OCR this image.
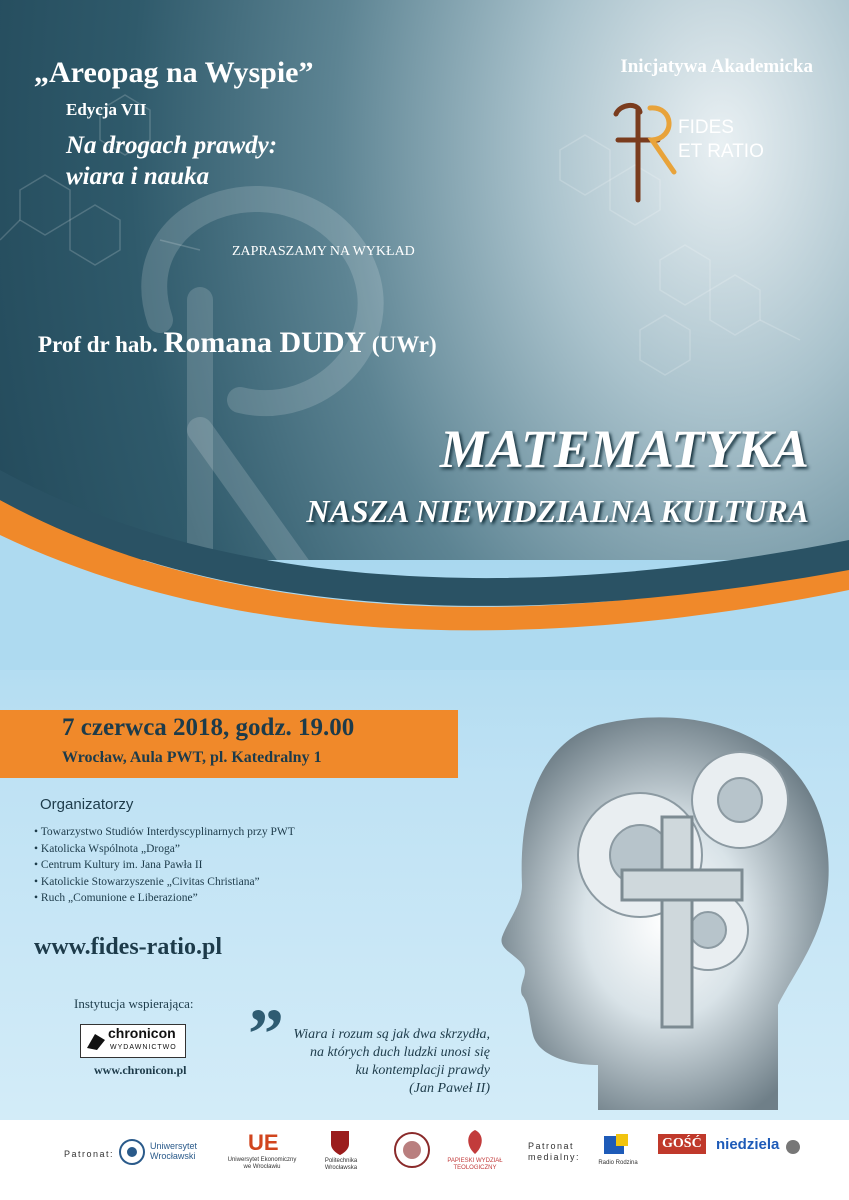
„Areopag na Wyspie”
Edycja VII
Na drogach prawdy:
wiara i nauka
ZAPRASZAMY NA WYKŁAD
Prof dr hab. Romana DUDY (UWr)
Inicjatywa Akademicka
FIDES
ET RATIO
MATEMATYKA
NASZA NIEWIDZIALNA KULTURA
7 czerwca 2018, godz. 19.00
Wrocław, Aula PWT, pl. Katedralny 1
Organizatorzy
• Towarzystwo Studiów Interdyscyplinarnych przy PWT
• Katolicka Wspólnota „Droga”
• Centrum Kultury im. Jana Pawła II
• Katolickie Stowarzyszenie „Civitas Christiana”
• Ruch „Comunione e Liberazione”
www.fides-ratio.pl
Instytucja wspierająca:
chronicon
WYDAWNICTWO
www.chronicon.pl ” Wiara i rozum są jak dwa skrzydła,
na których duch ludzki unosi się
ku kontemplacji prawdy
(Jan Paweł II)
Patronat:
Uniwersytet
Wrocławski
UE
Uniwersytet Ekonomiczny
we Wrocławiu
Politechnika
Wrocławska
PAPIESKI WYDZIAŁ
TEOLOGICZNY
Patronat
medialny:
Radio Rodzina
GOŚĆ niedziela
